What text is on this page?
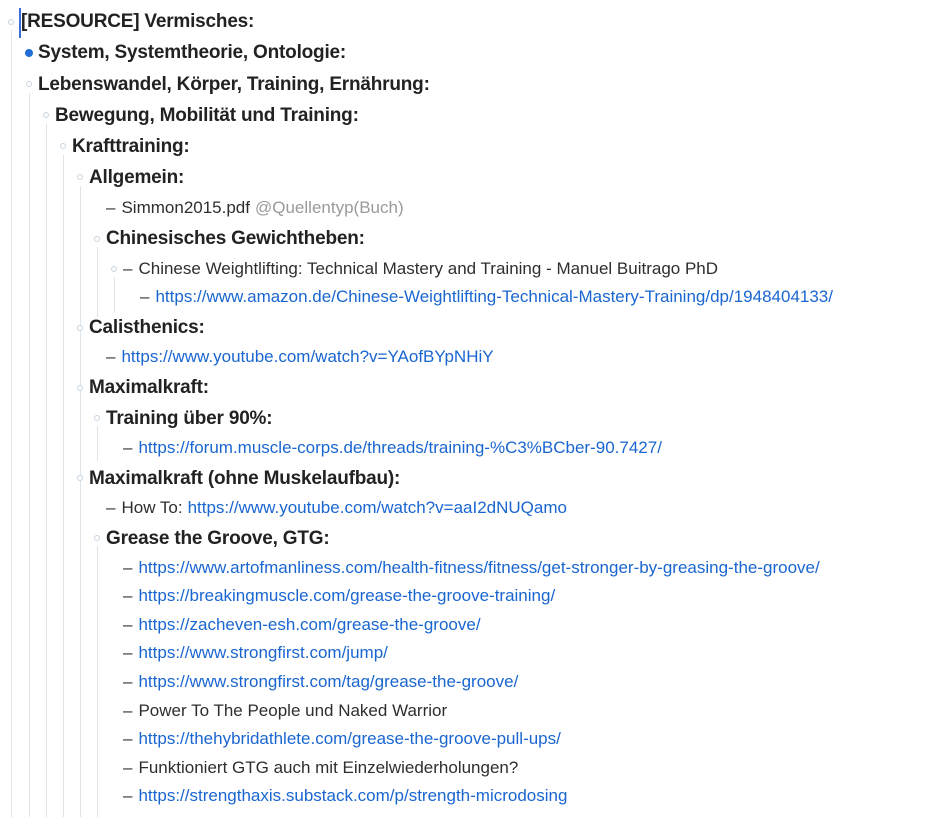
[RESOURCE] Vermisches:
System, Systemtheorie, Ontologie:
Lebenswandel, Körper, Training, Ernährung:
Bewegung, Mobilität und Training:
Krafttraining:
Allgemein:
– Simmon2015.pdf @Quellentyp(Buch)
Chinesisches Gewichtheben:
– Chinese Weightlifting: Technical Mastery and Training - Manuel Buitrago PhD
– https://www.amazon.de/Chinese-Weightlifting-Technical-Mastery-Training/dp/1948404133/
Calisthenics:
– https://www.youtube.com/watch?v=YAofBYpNHiY
Maximalkraft:
Training über 90%:
– https://forum.muscle-corps.de/threads/training-%C3%BCber-90.7427/
Maximalkraft (ohne Muskelaufbau):
– How To: https://www.youtube.com/watch?v=aaI2dNUQamo
Grease the Groove, GTG:
– https://www.artofmanliness.com/health-fitness/fitness/get-stronger-by-greasing-the-groove/
– https://breakingmuscle.com/grease-the-groove-training/
– https://zacheven-esh.com/grease-the-groove/
– https://www.strongfirst.com/jump/
– https://www.strongfirst.com/tag/grease-the-groove/
– Power To The People und Naked Warrior
– https://thehybridathlete.com/grease-the-groove-pull-ups/
– Funktioniert GTG auch mit Einzelwiederholungen?
– https://strengthaxis.substack.com/p/strength-microdosing
